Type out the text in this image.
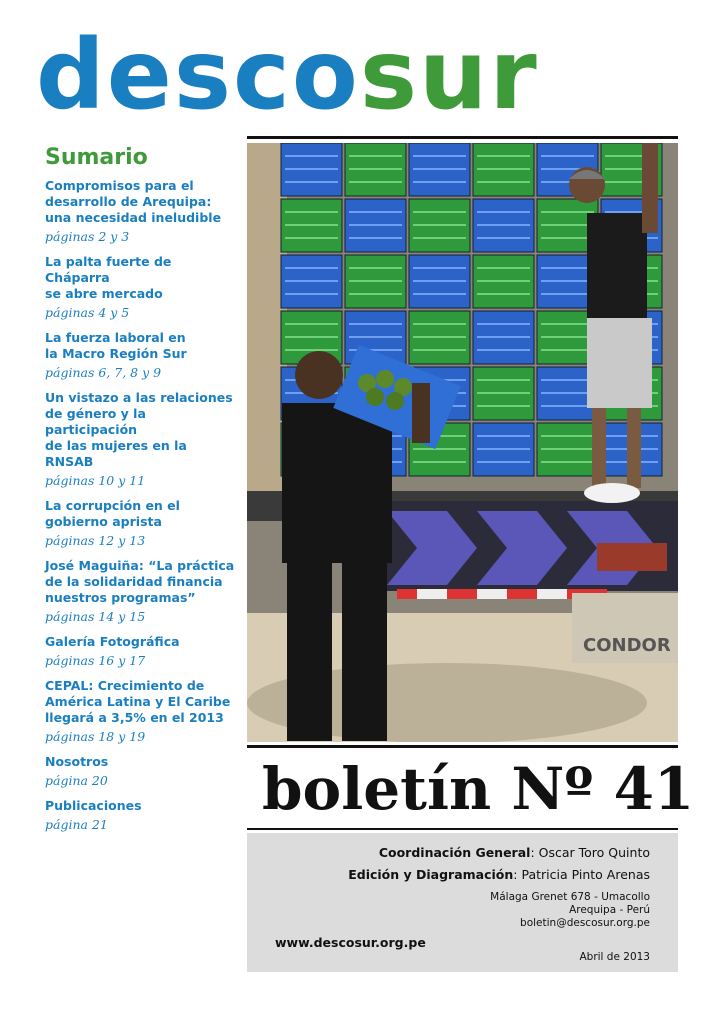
descosur
Sumario
Compromisos para el
desarrollo de Arequipa:
una necesidad ineludible
páginas 2 y 3
La palta fuerte de Cháparra
se abre mercado
páginas 4 y 5
La fuerza laboral en
la Macro Región Sur
páginas 6, 7, 8 y 9
Un vistazo a las relaciones
de género y la participación
de las mujeres en la RNSAB
páginas 10 y 11
La corrupción en el
gobierno aprista
páginas 12 y 13
José Maguiña: “La práctica
de la solidaridad financia
nuestros programas”
páginas 14 y 15
Galería Fotográfica
páginas 16 y 17
CEPAL: Crecimiento de
América Latina y El Caribe
llegará a 3,5% en el 2013
páginas 18 y 19
Nosotros
página 20
Publicaciones
página 21
CONDOR
boletín Nº 41
Coordinación General: Oscar Toro Quinto
Edición y Diagramación: Patricia Pinto Arenas
Málaga Grenet 678 - Umacollo
Arequipa - Perú
boletin@descosur.org.pe
www.descosur.org.pe
Abril de 2013
